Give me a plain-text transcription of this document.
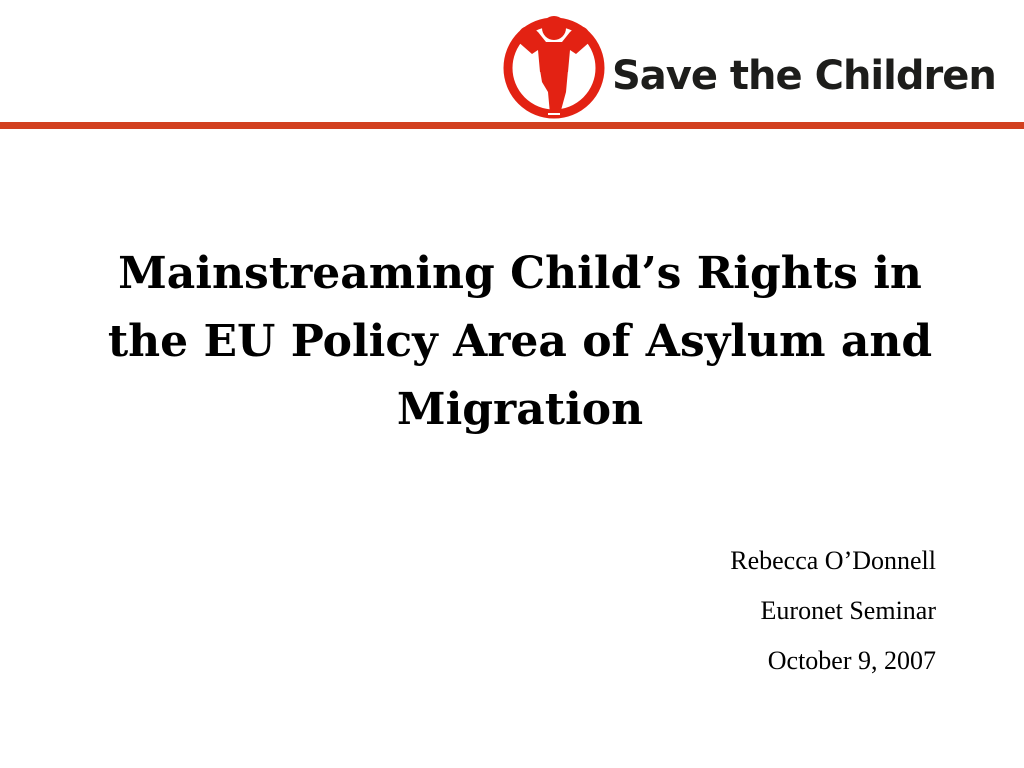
Save the Children
Mainstreaming Child’s Rights in the EU Policy Area of Asylum and Migration
Rebecca O’Donnell
Euronet Seminar
October 9, 2007
